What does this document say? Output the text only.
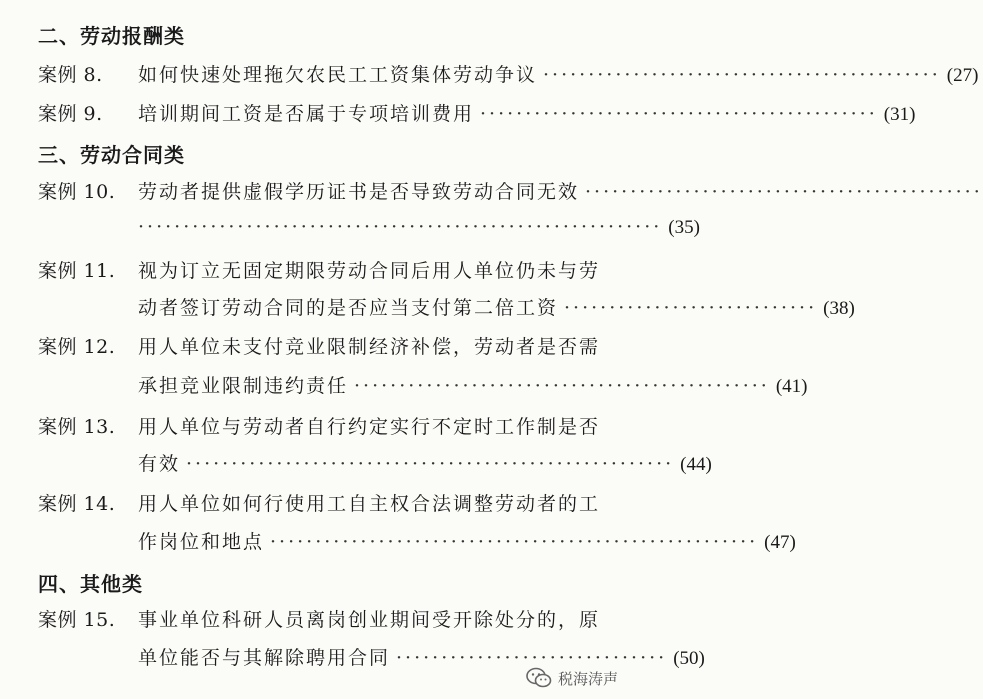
二、劳动报酬类
案例 8.	如何快速处理拖欠农民工工资集体劳动争议 ············································ (27)
案例 9.	培训期间工资是否属于专项培训费用 ············································ (31)
三、劳动合同类
案例 10.	劳动者提供虚假学历证书是否导致劳动合同无效 ············································
·························································· (35)
案例 11.	视为订立无固定期限劳动合同后用人单位仍未与劳
动者签订劳动合同的是否应当支付第二倍工资 ···························· (38)
案例 12.	用人单位未支付竞业限制经济补偿，劳动者是否需
承担竞业限制违约责任 ·············································· (41)
案例 13.	用人单位与劳动者自行约定实行不定时工作制是否
有效 ······················································ (44)
案例 14.	用人单位如何行使用工自主权合法调整劳动者的工
作岗位和地点 ······················································ (47)
四、其他类
案例 15.	事业单位科研人员离岗创业期间受开除处分的，原
单位能否与其解除聘用合同 ······························ (50)
税海涛声
